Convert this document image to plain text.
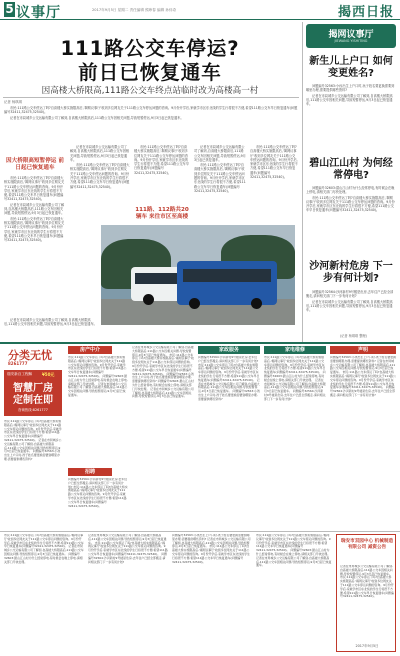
5 议事厅	2017年9月5日 星期二 责任编辑 熊珍春 编辑 孙伟奇	揭西日报
111路公交车停运?
前日已恢复通车
因高楼大桥限高,111路公交车终点站临时改为高楼高一村
记者 杨琪琪

市民:111路公交车停运了吗?自高楼大桥实施限高后,'揭网议事厅'收到多位网友关于111路公交车停运问题的咨询。9月份开学后,家就学市区东北线的学生行将很不方便,希望111路公交车早日恢复通车(问题编号32411,32475,32540)。

记者在市局城乡公交运输有限公司了解到,自高楼大桥限高后,111路公交车因相关问题,导致短暂停运,9月3日起已恢复通车。

因大桥限高短暂停运 前日起已恢复通车

市民:111路公交车停运了吗?自高楼大桥实施限高后,'揭网议事厅'收到多位网友关于111路公交车停运问题的咨询。9月份开学后,家就学市区东北线的学生行将很不方便,希望111路公交车早日恢复通车(问题编号32411,32475,32540)。

记者在市局城乡公交运输有限公司了解到,自高楼大桥限高后,111路公交车因相关问题,导致短暂停运,9月3日起已恢复通车。

市民:111路公交车停运了吗?自高楼大桥实施限高后,'揭网议事厅'收到多位网友关于111路公交车停运问题的咨询。9月份开学后,家就学市区东北线的学生行将很不方便,希望111路公交车早日恢复通车(问题编号32411,32475,32540)。

记者在市局城乡公交运输有限公司了解到,自高楼大桥限高后,111路公交车因相关问题,导致短暂停运,9月3日起已恢复通车。

市民:111路公交车停运了吗?自高楼大桥实施限高后,'揭网议事厅'收到多位网友关于111路公交车停运问题的咨询。9月份开学后,家就学市区东北线的学生行将很不方便,希望111路公交车早日恢复通车(问题编号32411,32475,32540)。

市民:111路公交车停运了吗?自高楼大桥实施限高后,'揭网议事厅'收到多位网友关于111路公交车停运问题的咨询。9月份开学后,家就学市区东北线的学生行将很不方便,希望111路公交车早日恢复通车(问题编号32411,32475,32540)。

111路、112路共20辆车 来往市区至高楼

记者在市局城乡公交运输有限公司了解到,自高楼大桥限高后,111路公交车因相关问题,导致短暂停运,9月3日起已恢复通车。

市民:111路公交车停运了吗?自高楼大桥实施限高后,'揭网议事厅'收到多位网友关于111路公交车停运问题的咨询。9月份开学后,家就学市区东北线的学生行将很不方便,希望111路公交车早日恢复通车(问题编号32411,32475,32540)。

市民:111路公交车停运了吗?自高楼大桥实施限高后,'揭网议事厅'收到多位网友关于111路公交车停运问题的咨询。9月份开学后,家就学市区东北线的学生行将很不方便,希望111路公交车早日恢复通车(问题编号32411,32475,32540)。

记者在市局城乡公交运输有限公司了解到,自高楼大桥限高后,111路公交车因相关问题,导致短暂停运,9月3日起已恢复通车。

揭网议事厅
JIEWANG YISHITING
新生儿上户口 如何变更姓名?

问题编号32563:小孩出生上户口时,孩子姓名要更换需要到哪里办理,需要提供哪些资料?

记者在市局城乡公交运输有限公司了解到,自高楼大桥限高后,111路公交车因相关问题,导致短暂停运,9月3日起已恢复通车。

碧山江山村 为何经常停电?

问题编号32603:碧山江山村为什么经常停电,有时候会在晚上停电,请相关部门尽快处理。

市民:111路公交车停运了吗?自高楼大桥实施限高后,'揭网议事厅'收到多位网友关于111路公交车停运问题的咨询。9月份开学后,家就学市区东北线的学生行将很不方便,希望111路公交车早日恢复通车(问题编号32411,32475,32540)。

沙河新村危房 下一步有何计划?

问题编号32564:沙河新村9号楼是危房,去年住户已经全部搬走,请问相关部门下一步有何计划?

记者在市局城乡公交运输有限公司了解到,自高楼大桥限高后,111路公交车因相关问题,导致短暂停运,9月3日起已恢复通车。

(记者 杨琪琪 整理)
分类无忧
8261777
瑞安新百工程解 ¥50元
智慧厂房
定制在即
咨询热线:8261777
市民:111路公交车停运了吗?自高楼大桥实施限高后,'揭网议事厅'收到多位网友关于111路公交车停运问题的咨询。9月份开学后,家就学市区东北线的学生行将很不方便,希望111路公交车早日恢复通车(问题编号32411,32475,32540)。 记者在市局城乡公交运输有限公司了解到,自高楼大桥限高后,111路公交车因相关问题,导致短暂停运,9月3日起已恢复通车。 问题编号32563:小孩出生上户口时,孩子姓名要更换需要到哪里办理,需要提供哪些资料?
房产中介
市民:111路公交车停运了吗?自高楼大桥实施限高后,'揭网议事厅'收到多位网友关于111路公交车停运问题的咨询。9月份开学后,家就学市区东北线的学生行将很不方便,希望111路公交车早日恢复通车(问题编号32411,32475,32540)。 问题编号32603:碧山江山村为什么经常停电,有时候会在晚上停电,请相关部门尽快处理。 记者在市局城乡公交运输有限公司了解到,自高楼大桥限高后,111路公交车因相关问题,导致短暂停运,9月3日起已恢复通车。
招聘
问题编号32564:沙河新村9号楼是危房,去年住户已经全部搬走,请问相关部门下一步有何计划? 市民:111路公交车停运了吗?自高楼大桥实施限高后,'揭网议事厅'收到多位网友关于111路公交车停运问题的咨询。9月份开学后,家就学市区东北线的学生行将很不方便,希望111路公交车早日恢复通车(问题编号32411,32475,32540)。
记者在市局城乡公交运输有限公司了解到,自高楼大桥限高后,111路公交车因相关问题,导致短暂停运,9月3日起已恢复通车。 市民:111路公交车停运了吗?自高楼大桥实施限高后,'揭网议事厅'收到多位网友关于111路公交车停运问题的咨询。9月份开学后,家就学市区东北线的学生行将很不方便,希望111路公交车早日恢复通车(问题编号32411,32475,32540)。 问题编号32563:小孩出生上户口时,孩子姓名要更换需要到哪里办理,需要提供哪些资料? 问题编号32603:碧山江山村为什么经常停电,有时候会在晚上停电,请相关部门尽快处理。 记者在市局城乡公交运输有限公司了解到,自高楼大桥限高后,111路公交车因相关问题,导致短暂停运,9月3日起已恢复通车。
家政服务
问题编号32564:沙河新村9号楼是危房,去年住户已经全部搬走,请问相关部门下一步有何计划? 市民:111路公交车停运了吗?自高楼大桥实施限高后,'揭网议事厅'收到多位网友关于111路公交车停运问题的咨询。9月份开学后,家就学市区东北线的学生行将很不方便,希望111路公交车早日恢复通车(问题编号32411,32475,32540)。 记者在市局城乡公交运输有限公司了解到,自高楼大桥限高后,111路公交车因相关问题,导致短暂停运,9月3日起已恢复通车。 问题编号32563:小孩出生上户口时,孩子姓名要更换需要到哪里办理,需要提供哪些资料?
家电维修
市民:111路公交车停运了吗?自高楼大桥实施限高后,'揭网议事厅'收到多位网友关于111路公交车停运问题的咨询。9月份开学后,家就学市区东北线的学生行将很不方便,希望111路公交车早日恢复通车(问题编号32411,32475,32540)。 问题编号32603:碧山江山村为什么经常停电,有时候会在晚上停电,请相关部门尽快处理。 记者在市局城乡公交运输有限公司了解到,自高楼大桥限高后,111路公交车因相关问题,导致短暂停运,9月3日起已恢复通车。 问题编号32564:沙河新村9号楼是危房,去年住户已经全部搬走,请问相关部门下一步有何计划?
声明
问题编号32563:小孩出生上户口时,孩子姓名要更换需要到哪里办理,需要提供哪些资料? 记者在市局城乡公交运输有限公司了解到,自高楼大桥限高后,111路公交车因相关问题,导致短暂停运,9月3日起已恢复通车。 市民:111路公交车停运了吗?自高楼大桥实施限高后,'揭网议事厅'收到多位网友关于111路公交车停运问题的咨询。9月份开学后,家就学市区东北线的学生行将很不方便,希望111路公交车早日恢复通车(问题编号32411,32475,32540)。 问题编号32564:沙河新村9号楼是危房,去年住户已经全部搬走,请问相关部门下一步有何计划?
市民:111路公交车停运了吗?自高楼大桥实施限高后,'揭网议事厅'收到多位网友关于111路公交车停运问题的咨询。9月份开学后,家就学市区东北线的学生行将很不方便,希望111路公交车早日恢复通车(问题编号32411,32475,32540)。 记者在市局城乡公交运输有限公司了解到,自高楼大桥限高后,111路公交车因相关问题,导致短暂停运,9月3日起已恢复通车。 问题编号32603:碧山江山村为什么经常停电,有时候会在晚上停电,请相关部门尽快处理。
记者在市局城乡公交运输有限公司了解到,自高楼大桥限高后,111路公交车因相关问题,导致短暂停运,9月3日起已恢复通车。 市民:111路公交车停运了吗?自高楼大桥实施限高后,'揭网议事厅'收到多位网友关于111路公交车停运问题的咨询。9月份开学后,家就学市区东北线的学生行将很不方便,希望111路公交车早日恢复通车(问题编号32411,32475,32540)。 问题编号32564:沙河新村9号楼是危房,去年住户已经全部搬走,请问相关部门下一步有何计划?
问题编号32563:小孩出生上户口时,孩子姓名要更换需要到哪里办理,需要提供哪些资料? 记者在市局城乡公交运输有限公司了解到,自高楼大桥限高后,111路公交车因相关问题,导致短暂停运,9月3日起已恢复通车。 市民:111路公交车停运了吗?自高楼大桥实施限高后,'揭网议事厅'收到多位网友关于111路公交车停运问题的咨询。9月份开学后,家就学市区东北线的学生行将很不方便,希望111路公交车早日恢复通车(问题编号32411,32475,32540)。
市民:111路公交车停运了吗?自高楼大桥实施限高后,'揭网议事厅'收到多位网友关于111路公交车停运问题的咨询。9月份开学后,家就学市区东北线的学生行将很不方便,希望111路公交车早日恢复通车(问题编号32411,32475,32540)。 问题编号32603:碧山江山村为什么经常停电,有时候会在晚上停电,请相关部门尽快处理。 记者在市局城乡公交运输有限公司了解到,自高楼大桥限高后,111路公交车因相关问题,导致短暂停运,9月3日起已恢复通车。
瑞安市双园中心 机械制造有限公司 减资公告
记者在市局城乡公交运输有限公司了解到,自高楼大桥限高后,111路公交车因相关问题,导致短暂停运,9月3日起已恢复通车。 市民:111路公交车停运了吗?自高楼大桥实施限高后,'揭网议事厅'收到多位网友关于111路公交车停运问题的咨询。9月份开学后,家就学市区东北线的学生行将很不方便,希望111路公交车早日恢复通车(问题编号32411,32475,32540)。
2017年9月5日
